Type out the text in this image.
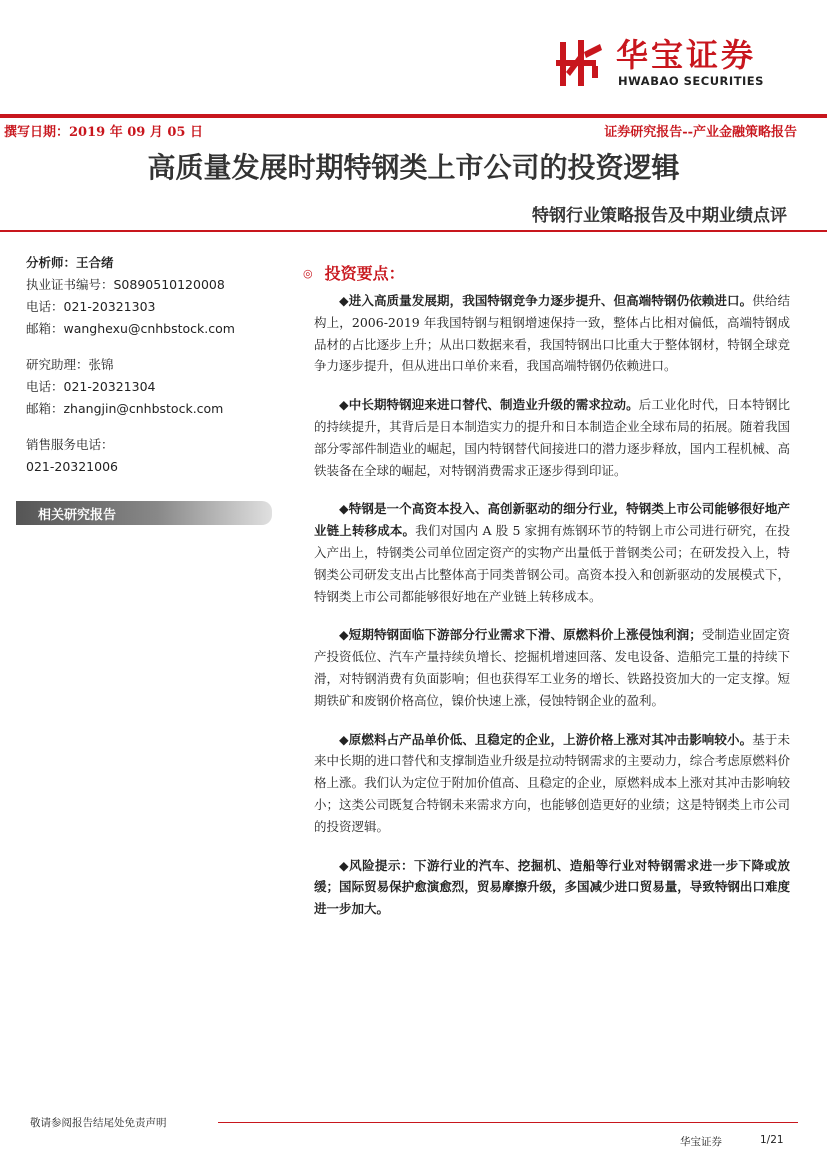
华宝证券
HWABAO SECURITIES
撰写日期：2019 年 09 月 05 日	证券研究报告--产业金融策略报告
高质量发展时期特钢类上市公司的投资逻辑
特钢行业策略报告及中期业绩点评
分析师：王合绪
执业证书编号：S0890510120008
电话：021-20321303
邮箱：wanghexu@cnhbstock.com
研究助理：张锦
电话：021-20321304
邮箱：zhangjin@cnhbstock.com
销售服务电话：
021-20321006
相关研究报告
◎ 投资要点：

◆进入高质量发展期，我国特钢竞争力逐步提升、但高端特钢仍依赖进口。供给结构上，2006-2019 年我国特钢与粗钢增速保持一致，整体占比相对偏低，高端特钢成品材的占比逐步上升；从出口数据来看，我国特钢出口比重大于整体钢材，特钢全球竞争力逐步提升，但从进出口单价来看，我国高端特钢仍依赖进口。

◆中长期特钢迎来进口替代、制造业升级的需求拉动。后工业化时代，日本特钢比的持续提升，其背后是日本制造实力的提升和日本制造企业全球布局的拓展。随着我国部分零部件制造业的崛起，国内特钢替代间接进口的潜力逐步释放，国内工程机械、高铁装备在全球的崛起，对特钢消费需求正逐步得到印证。

◆特钢是一个高资本投入、高创新驱动的细分行业，特钢类上市公司能够很好地产业链上转移成本。我们对国内 A 股 5 家拥有炼钢环节的特钢上市公司进行研究，在投入产出上，特钢类公司单位固定资产的实物产出量低于普钢类公司；在研发投入上，特钢类公司研发支出占比整体高于同类普钢公司。高资本投入和创新驱动的发展模式下，特钢类上市公司都能够很好地在产业链上转移成本。

◆短期特钢面临下游部分行业需求下滑、原燃料价上涨侵蚀利润；受制造业固定资产投资低位、汽车产量持续负增长、挖掘机增速回落、发电设备、造船完工量的持续下滑，对特钢消费有负面影响；但也获得军工业务的增长、铁路投资加大的一定支撑。短期铁矿和废钢价格高位，镍价快速上涨，侵蚀特钢企业的盈利。

◆原燃料占产品单价低、且稳定的企业，上游价格上涨对其冲击影响较小。基于未来中长期的进口替代和支撑制造业升级是拉动特钢需求的主要动力，综合考虑原燃料价格上涨。我们认为定位于附加价值高、且稳定的企业，原燃料成本上涨对其冲击影响较小；这类公司既复合特钢未来需求方向，也能够创造更好的业绩；这是特钢类上市公司的投资逻辑。

◆风险提示：下游行业的汽车、挖掘机、造船等行业对特钢需求进一步下降或放缓；国际贸易保护愈演愈烈，贸易摩擦升级，多国减少进口贸易量，导致特钢出口难度进一步加大。

敬请参阅报告结尾处免责声明
华宝证券	1/21
